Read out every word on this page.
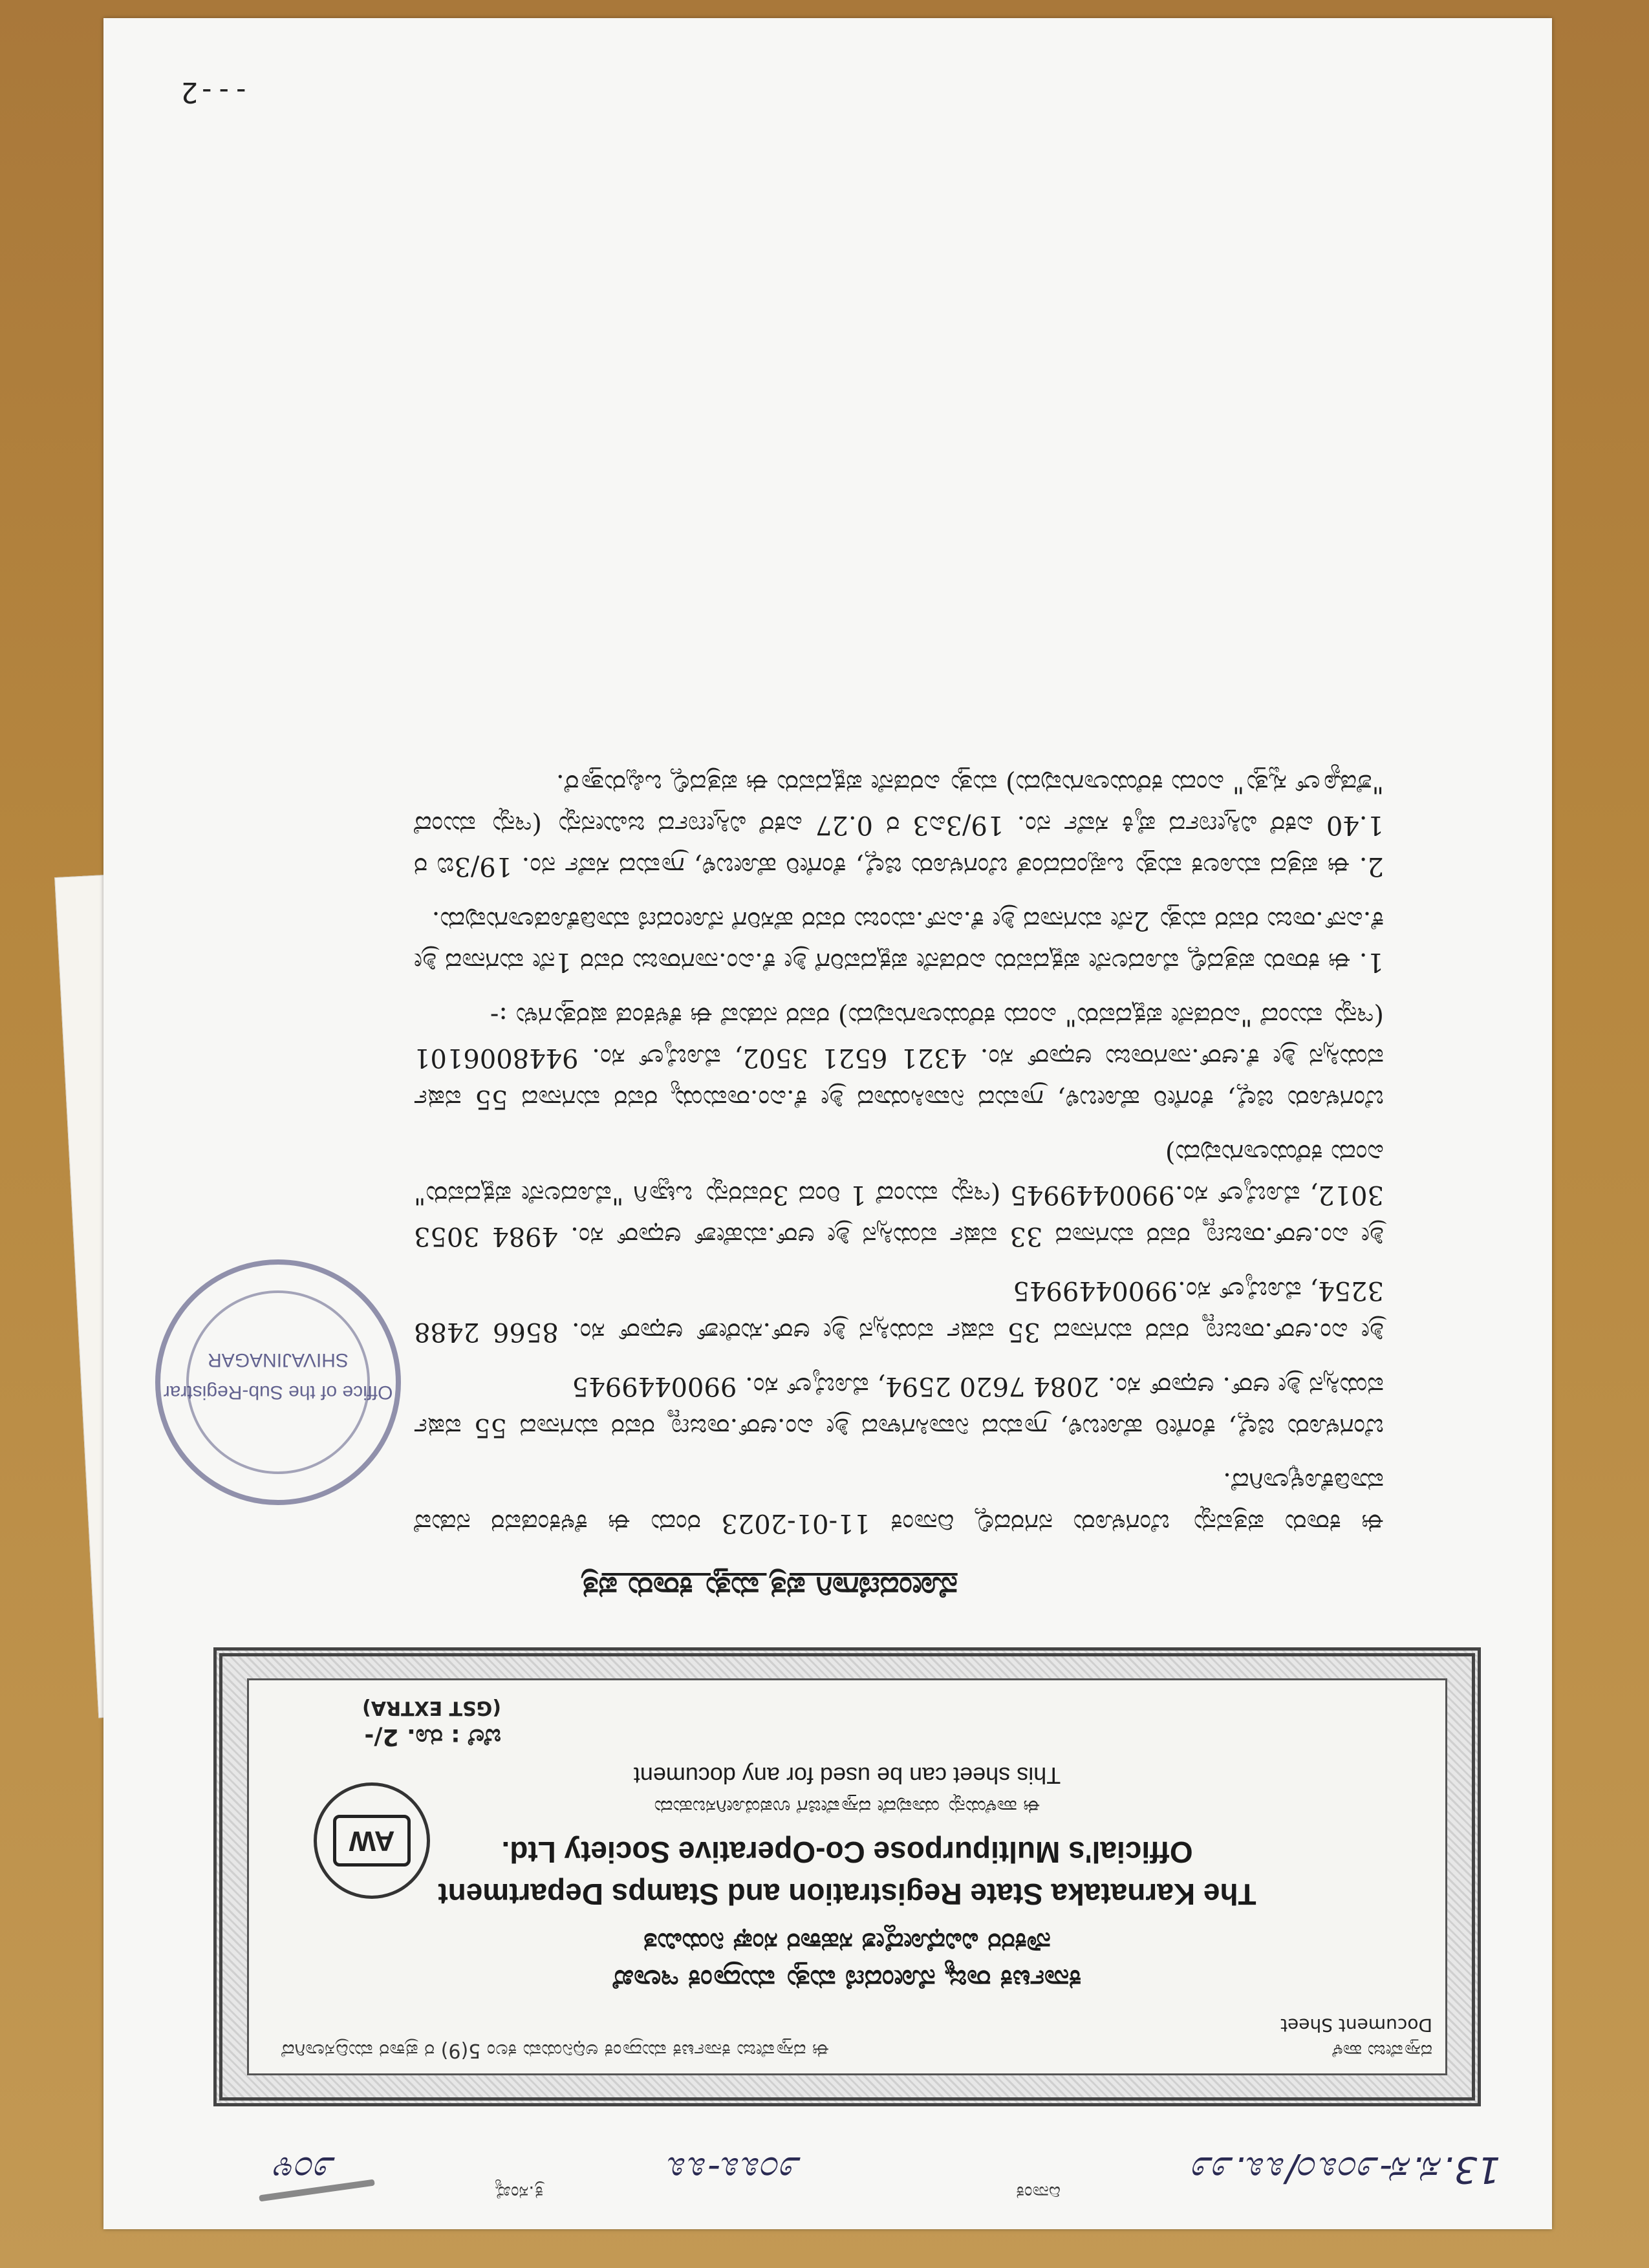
13.ಸ.ಸ-೨೦೩೦/೩೩.೨೨
ದಿನಾಂಕ
೨೦೩೩-೩೩
ಕ್ರ.ಸಂಖ್ಯೆ
೨೦೪
ದಸ್ತಾವೇಜು ಹಾಳೆ
Document Sheet
ಈ ದಸ್ತಾವೇಜು ಕರ್ನಾಟಕ ಮುದ್ರಾಂಕ ಅಧಿನಿಯಮ ಕಲಂ 5(9) ರ ಪ್ರಕಾರ ಮುದ್ರಿಸಲಾಗಿದೆ
ಕರ್ನಾಟಕ ರಾಜ್ಯ ನೋಂದಣಿ ಮತ್ತು ಮುದ್ರಾಂಕ ಇಲಾಖೆ
ನೌಕರರ ವಿವಿಧೋದ್ದೇಶ ಸಹಕಾರ ಸಂಘ ನಿಯಮಿತ
The Karnataka State Registration and Stamps Department
Official's Multipurpose Co-Operative Society Ltd.
AW
ಈ ಹಾಳೆಯನ್ನು ಯಾವುದೇ ದಸ್ತಾವೇಜಿಗೆ ಉಪಯೋಗಿಸಬಹುದು
This sheet can be used for any document
ಬೆಲೆ : ರೂ. 2/-
(GST EXTRA)
Office of the Sub-Registrar
SHIVAJINAGAR
ನೋಂದಣಿಗಾಗಿ ಪತ್ರ ಮತ್ತು ಕರಾರು ಪತ್ರ

ಈ ಕರಾರು ಪತ್ರವನ್ನು ಬೆಂಗಳೂರು ನಗರದಲ್ಲಿ ದಿನಾಂಕ 11-01-2023 ರಂದು ಈ ಕೆಳಕಂಡವರ ನಡುವೆ ಮಾಡಿಕೊಳ್ಳಲಾಗಿದೆ.

ಬೆಂಗಳೂರು ಜಿಲ್ಲೆ, ಕೆಂಗೇರಿ ಹೋಬಳಿ, ಗ್ರಾಮದ ನಿವಾಸಿಗಳಾದ ಶ್ರೀ ಎಂ.ಆರ್.ರಾಜಣ್ಣ ರವರ ಮಗನಾದ 55 ವರ್ಷ ವಯಸ್ಸಿನ ಶ್ರೀ ಆರ್. ಆಧಾರ್ ಸಂ. 2084 7620 2594, ಮೊಬೈಲ್ ಸಂ. 9900449945

ಶ್ರೀ ಎಂ.ಆರ್.ರಾಜಣ್ಣ ರವರ ಮಗನಾದ 35 ವರ್ಷ ವಯಸ್ಸಿನ ಶ್ರೀ ಆರ್.ಸುರೇಶ್ ಆಧಾರ್ ಸಂ. 8566 2488 3254, ಮೊಬೈಲ್ ಸಂ.9900449945

ಶ್ರೀ ಎಂ.ಆರ್.ರಾಜಣ್ಣ ರವರ ಮಗನಾದ 33 ವರ್ಷ ವಯಸ್ಸಿನ ಶ್ರೀ ಆರ್.ಮಹೇಶ್ ಆಧಾರ್ ಸಂ. 4984 3053 3012, ಮೊಬೈಲ್ ಸಂ.9900449945 (ಇನ್ನು ಮುಂದೆ 1 ರಿಂದ 3ರವರನ್ನು ಒಟ್ಟಾಗಿ "ಮೊದಲನೇ ಪಕ್ಷದವರು" ಎಂದು ಕರೆಯಲಾಗುವುದು)

ಬೆಂಗಳೂರು ಜಿಲ್ಲೆ, ಕೆಂಗೇರಿ ಹೋಬಳಿ, ಗ್ರಾಮದ ನಿವಾಸಿಯಾದ ಶ್ರೀ ಕೆ.ಎಂ.ರಾಮಯ್ಯ ರವರ ಮಗನಾದ 55 ವರ್ಷ ವಯಸ್ಸಿನ ಶ್ರೀ ಕೆ.ಆರ್.ನಾಗರಾಜು ಆಧಾರ್ ಸಂ. 4321 6521 3502, ಮೊಬೈಲ್ ಸಂ. 9448006101 (ಇನ್ನು ಮುಂದೆ "ಎರಡನೇ ಪಕ್ಷದವರು" ಎಂದು ಕರೆಯಲಾಗುವುದು) ರವರ ನಡುವೆ ಈ ಕೆಳಕಂಡ ಷರತ್ತುಗಳು :-

1. ಈ ಕರಾರು ಪತ್ರದಲ್ಲಿ ಮೊದಲನೇ ಪಕ್ಷದವರು ಎರಡನೇ ಪಕ್ಷದವರಿಗೆ ಶ್ರೀ ಕೆ.ಎಂ.ನಾಗರಾಜು ರವರ 1ನೇ ಮಗನಾದ ಶ್ರೀ ಕೆ.ಎನ್.ರಾಜು ರವರ ಮತ್ತು 2ನೇ ಮಗನಾದ ಶ್ರೀ ಕೆ.ಎನ್.ಮಂಜು ರವರ ಹೆಸರಿಗೆ ನೋಂದಣಿ ಮಾಡಿಕೊಡಲಾಗುವುದು.

2. ಈ ಪತ್ರದ ಮೂಲಕ ಮತ್ತು ಒಪ್ಪಂದದಂತೆ ಬೆಂಗಳೂರು ಜಿಲ್ಲೆ, ಕೆಂಗೇರಿ ಹೋಬಳಿ, ಗ್ರಾಮದ ಸರ್ವೆ ನಂ. 19/3ಬಿ ರ 1.40 ಎಕರೆ ವಿಸ್ತೀರ್ಣದ ಪೈಕಿ ಸರ್ವೆ ನಂ. 19/3ಎ3 ರ 0.27 ಎಕರೆ ವಿಸ್ತೀರ್ಣದ ಜಮೀನನ್ನು (ಇನ್ನು ಮುಂದೆ "ಶೆಡ್ಯೂಲ್ ಸ್ವತ್ತು" ಎಂದು ಕರೆಯಲಾಗುವುದು) ಮತ್ತು ಎರಡನೇ ಪಕ್ಷದವರು ಈ ಪತ್ರದಲ್ಲಿ ಒಪ್ಪಿರುತ್ತಾರೆ.

---2
